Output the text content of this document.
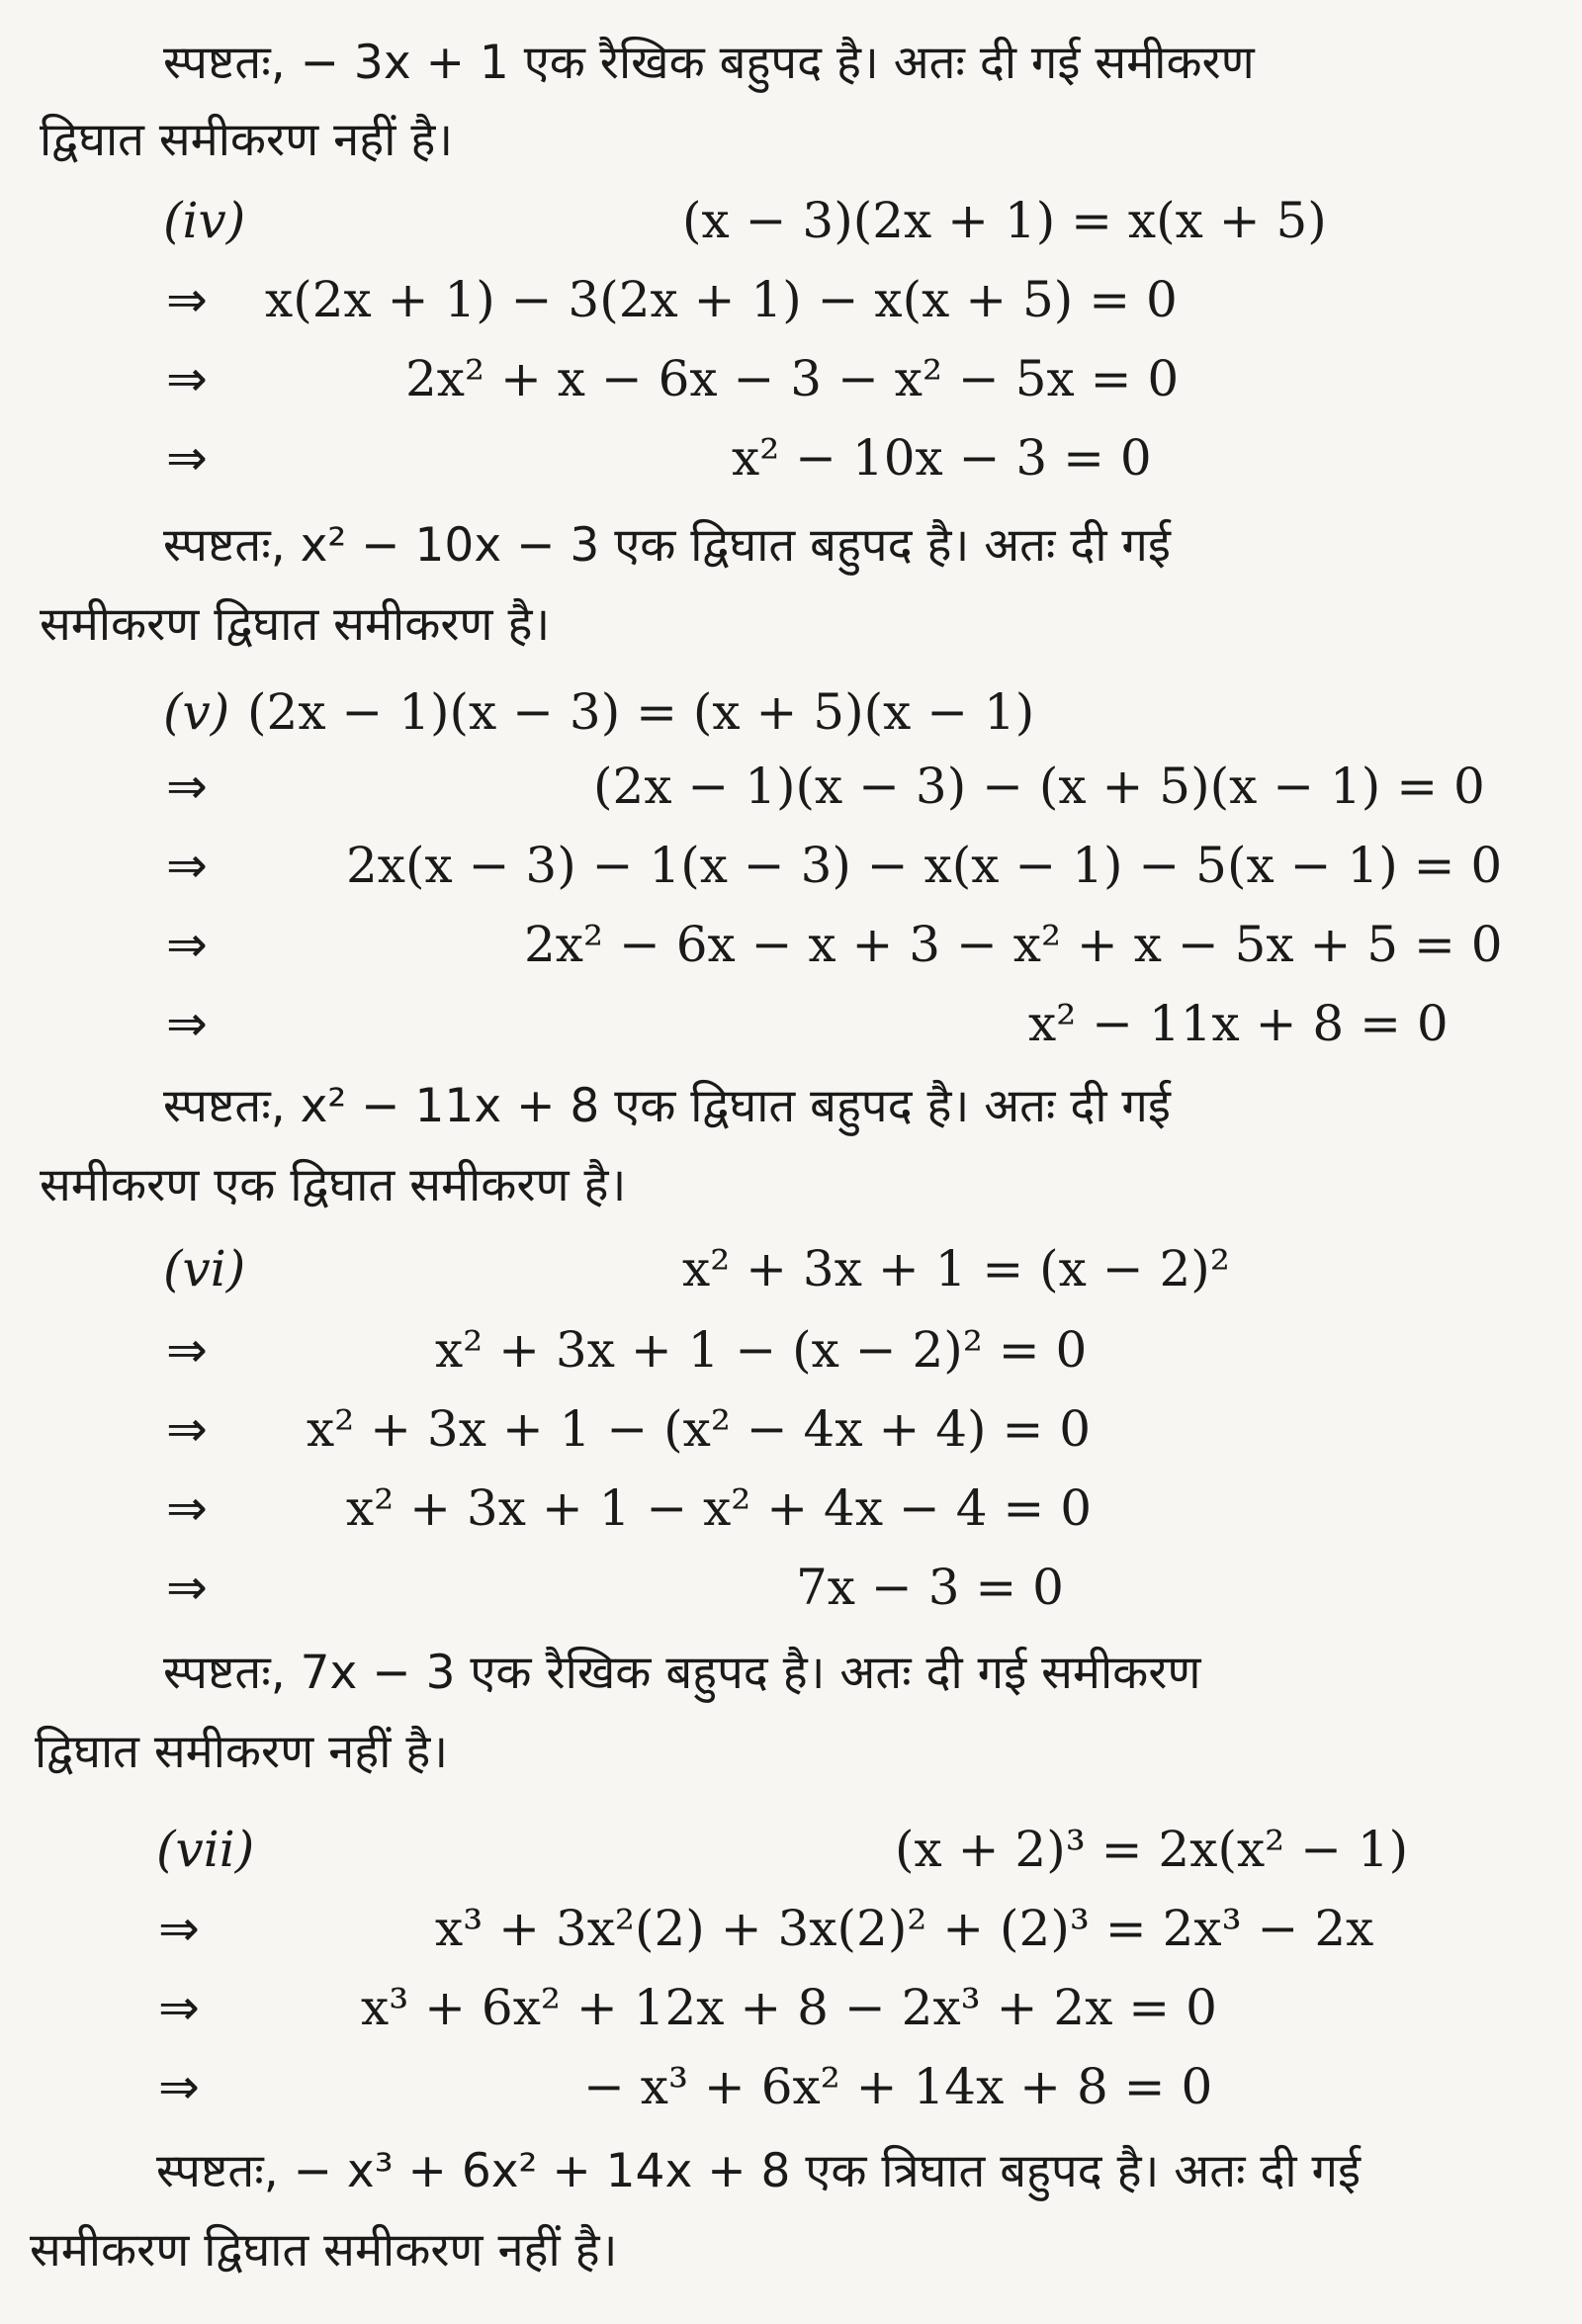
स्पष्टतः, − 3x + 1 एक रैखिक बहुपद है। अतः दी गई समीकरण
द्विघात समीकरण नहीं है।
(iv)	(x − 3)(2x + 1) = x(x + 5)
⇒ x(2x + 1) − 3(2x + 1) − x(x + 5) = 0
⇒	2x² + x − 6x − 3 − x² − 5x = 0
⇒	x² − 10x − 3 = 0
स्पष्टतः, x² − 10x − 3 एक द्विघात बहुपद है। अतः दी गई
समीकरण द्विघात समीकरण है।
(v) (2x − 1)(x − 3) = (x + 5)(x − 1)
⇒	(2x − 1)(x − 3) − (x + 5)(x − 1) = 0
⇒	2x(x − 3) − 1(x − 3) − x(x − 1) − 5(x − 1) = 0
⇒	2x² − 6x − x + 3 − x² + x − 5x + 5 = 0
⇒	x² − 11x + 8 = 0
स्पष्टतः, x² − 11x + 8 एक द्विघात बहुपद है। अतः दी गई
समीकरण एक द्विघात समीकरण है।
(vi)	x² + 3x + 1 = (x − 2)²
⇒	x² + 3x + 1 − (x − 2)² = 0
⇒ x² + 3x + 1 − (x² − 4x + 4) = 0
⇒	x² + 3x + 1 − x² + 4x − 4 = 0
⇒	7x − 3 = 0
स्पष्टतः, 7x − 3 एक रैखिक बहुपद है। अतः दी गई समीकरण
द्विघात समीकरण नहीं है।
(vii)	(x + 2)³ = 2x(x² − 1)
⇒	x³ + 3x²(2) + 3x(2)² + (2)³ = 2x³ − 2x
⇒	x³ + 6x² + 12x + 8 − 2x³ + 2x = 0
⇒	− x³ + 6x² + 14x + 8 = 0
स्पष्टतः, − x³ + 6x² + 14x + 8 एक त्रिघात बहुपद है। अतः दी गई
समीकरण द्विघात समीकरण नहीं है।
